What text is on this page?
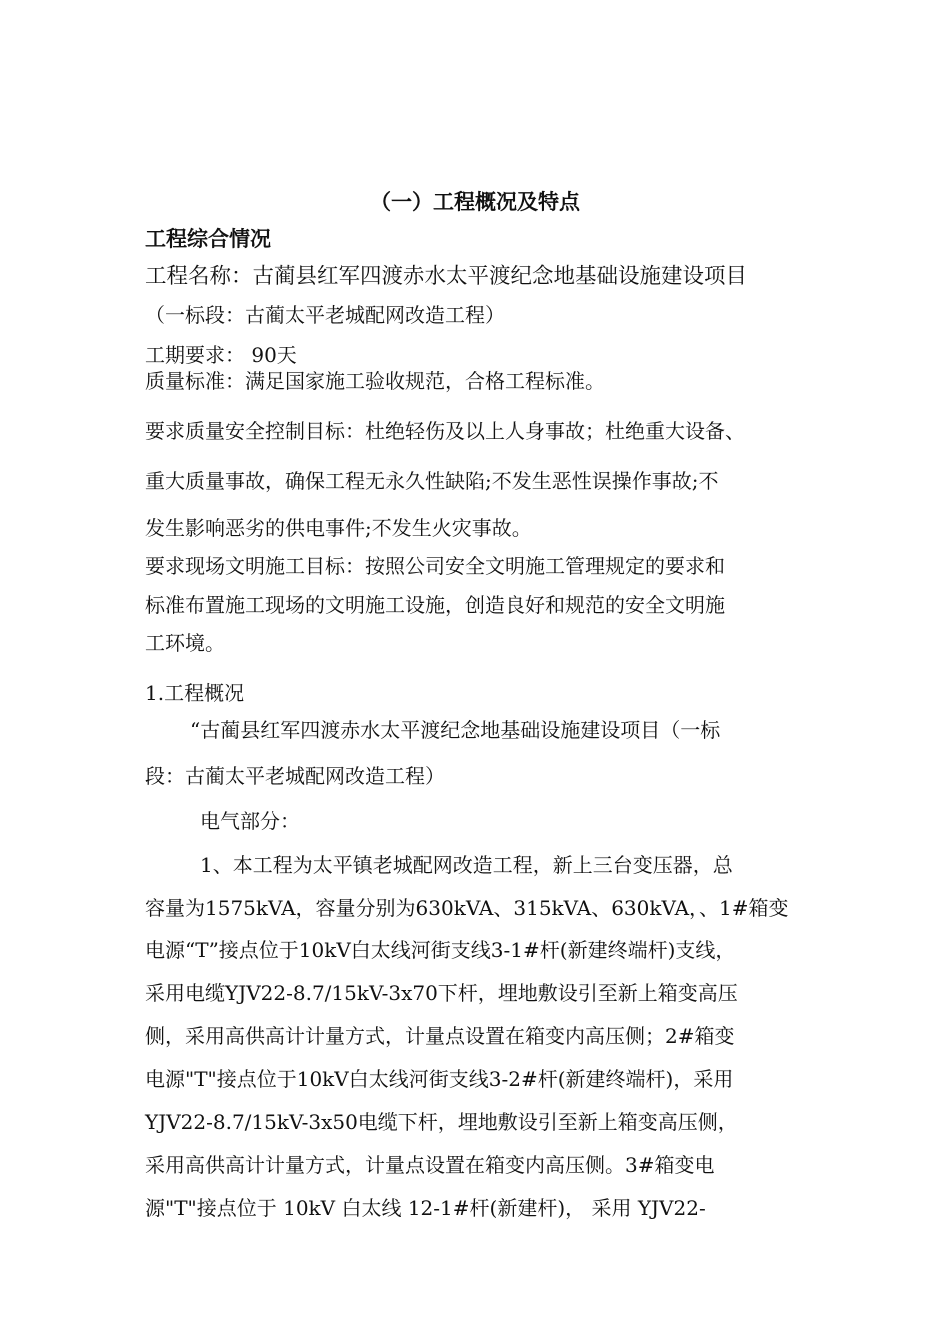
（一）工程概况及特点
工程综合情况
工程名称：古蔺县红军四渡赤水太平渡纪念地基础设施建设项目
（一标段：古蔺太平老城配网改造工程）
工期要求： 90天
质量标准：满足国家施工验收规范，合格工程标准。
要求质量安全控制目标：杜绝轻伤及以上人身事故；杜绝重大设备、
重大质量事故，确保工程无永久性缺陷;不发生恶性误操作事故;不
发生影响恶劣的供电事件;不发生火灾事故。
要求现场文明施工目标：按照公司安全文明施工管理规定的要求和
标准布置施工现场的文明施工设施，创造良好和规范的安全文明施
工环境。
1.工程概况
“古蔺县红军四渡赤水太平渡纪念地基础设施建设项目（一标
段：古蔺太平老城配网改造工程）
电气部分：
1、本工程为太平镇老城配网改造工程，新上三台变压器，总
容量为1575kVA，容量分别为630kVA、315kVA、630kVA，、1#箱变
电源“T”接点位于10kV白太线河街支线3-1#杆(新建终端杆)支线，
采用电缆YJV22-8.7/15kV-3x70下杆，埋地敷设引至新上箱变高压
侧，采用高供高计计量方式，计量点设置在箱变内高压侧；2#箱变
电源"T"接点位于10kV白太线河街支线3-2#杆(新建终端杆)，采用
YJV22-8.7/15kV-3x50电缆下杆，埋地敷设引至新上箱变高压侧，
采用高供高计计量方式，计量点设置在箱变内高压侧。3#箱变电
源"T"接点位于 10kV 白太线 12-1#杆(新建杆)， 采用 YJV22-
